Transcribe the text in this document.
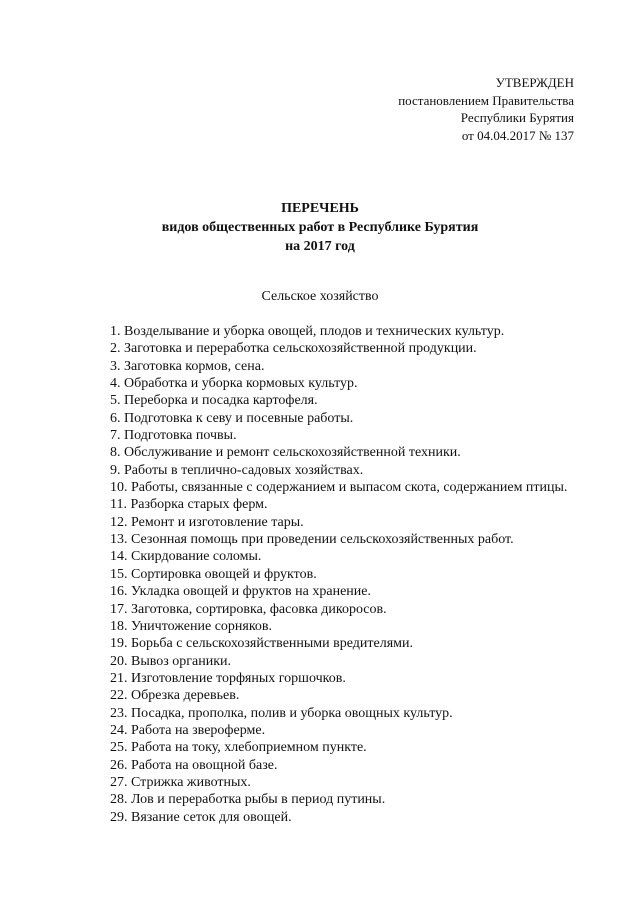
УТВЕРЖДЕН
постановлением Правительства
Республики Бурятия
от 04.04.2017 № 137
ПЕРЕЧЕНЬ
видов общественных работ в Республике Бурятия
на 2017 год
Сельское хозяйство
1. Возделывание и уборка овощей, плодов и технических культур.
2. Заготовка и переработка сельскохозяйственной продукции.
3. Заготовка кормов, сена.
4. Обработка и уборка кормовых культур.
5. Переборка и посадка картофеля.
6. Подготовка к севу и посевные работы.
7. Подготовка почвы.
8. Обслуживание и ремонт сельскохозяйственной техники.
9. Работы в теплично-садовых хозяйствах.
10. Работы, связанные с содержанием и выпасом скота, содержанием птицы.
11. Разборка старых ферм.
12. Ремонт и изготовление тары.
13. Сезонная помощь при проведении сельскохозяйственных работ.
14. Скирдование соломы.
15. Сортировка овощей и фруктов.
16. Укладка овощей и фруктов на хранение.
17. Заготовка, сортировка, фасовка дикоросов.
18. Уничтожение сорняков.
19. Борьба с сельскохозяйственными вредителями.
20. Вывоз органики.
21. Изготовление торфяных горшочков.
22. Обрезка деревьев.
23. Посадка, прополка, полив и уборка овощных культур.
24. Работа на звероферме.
25. Работа на току, хлебоприемном пункте.
26. Работа на овощной базе.
27. Стрижка животных.
28. Лов и переработка рыбы в период путины.
29. Вязание сеток для овощей.
